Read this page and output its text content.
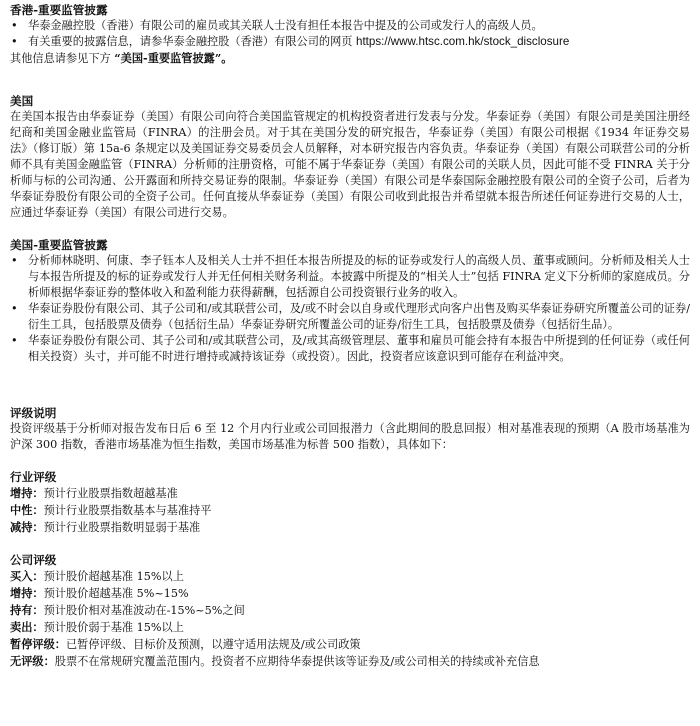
香港-重要监管披露
• 华泰金融控股（香港）有限公司的雇员或其关联人士没有担任本报告中提及的公司或发行人的高级人员。
• 有关重要的披露信息，请参华泰金融控股（香港）有限公司的网页 https://www.htsc.com.hk/stock_disclosure

其他信息请参见下方 “美国-重要监管披露”。

美国

在美国本报告由华泰证券（美国）有限公司向符合美国监管规定的机构投资者进行发表与分发。华泰证券（美国）有限公司是美国注册经纪商和美国金融业监管局（FINRA）的注册会员。对于其在美国分发的研究报告，华泰证券（美国）有限公司根据《1934 年证券交易法》（修订版）第 15a-6 条规定以及美国证券交易委员会人员解释，对本研究报告内容负责。华泰证券（美国）有限公司联营公司的分析师不具有美国金融监管（FINRA）分析师的注册资格，可能不属于华泰证券（美国）有限公司的关联人员，因此可能不受 FINRA 关于分析师与标的公司沟通、公开露面和所持交易证券的限制。华泰证券（美国）有限公司是华泰国际金融控股有限公司的全资子公司，后者为华泰证券股份有限公司的全资子公司。任何直接从华泰证券（美国）有限公司收到此报告并希望就本报告所述任何证券进行交易的人士，应通过华泰证券（美国）有限公司进行交易。

美国-重要监管披露
• 分析师林晓明、何康、李子钰本人及相关人士并不担任本报告所提及的标的证券或发行人的高级人员、董事或顾问。分析师及相关人士与本报告所提及的标的证券或发行人并无任何相关财务利益。本披露中所提及的“相关人士”包括 FINRA 定义下分析师的家庭成员。分析师根据华泰证券的整体收入和盈利能力获得薪酬，包括源自公司投资银行业务的收入。
• 华泰证券股份有限公司、其子公司和/或其联营公司，及/或不时会以自身或代理形式向客户出售及购买华泰证券研究所覆盖公司的证券/衍生工具，包括股票及债券（包括衍生品）华泰证券研究所覆盖公司的证券/衍生工具，包括股票及债券（包括衍生品）。
• 华泰证券股份有限公司、其子公司和/或其联营公司，及/或其高级管理层、董事和雇员可能会持有本报告中所提到的任何证券（或任何相关投资）头寸，并可能不时进行增持或减持该证券（或投资）。因此，投资者应该意识到可能存在利益冲突。
评级说明

投资评级基于分析师对报告发布日后 6 至 12 个月内行业或公司回报潜力（含此期间的股息回报）相对基准表现的预期（A 股市场基准为沪深 300 指数，香港市场基准为恒生指数，美国市场基准为标普 500 指数），具体如下：

行业评级
增持：预计行业股票指数超越基准
中性：预计行业股票指数基本与基准持平
减持：预计行业股票指数明显弱于基准
公司评级
买入：预计股价超越基准 15%以上
增持：预计股价超越基准 5%~15%
持有：预计股价相对基准波动在-15%~5%之间
卖出：预计股价弱于基准 15%以上
暂停评级：已暂停评级、目标价及预测，以遵守适用法规及/或公司政策
无评级：股票不在常规研究覆盖范围内。投资者不应期待华泰提供该等证券及/或公司相关的持续或补充信息
